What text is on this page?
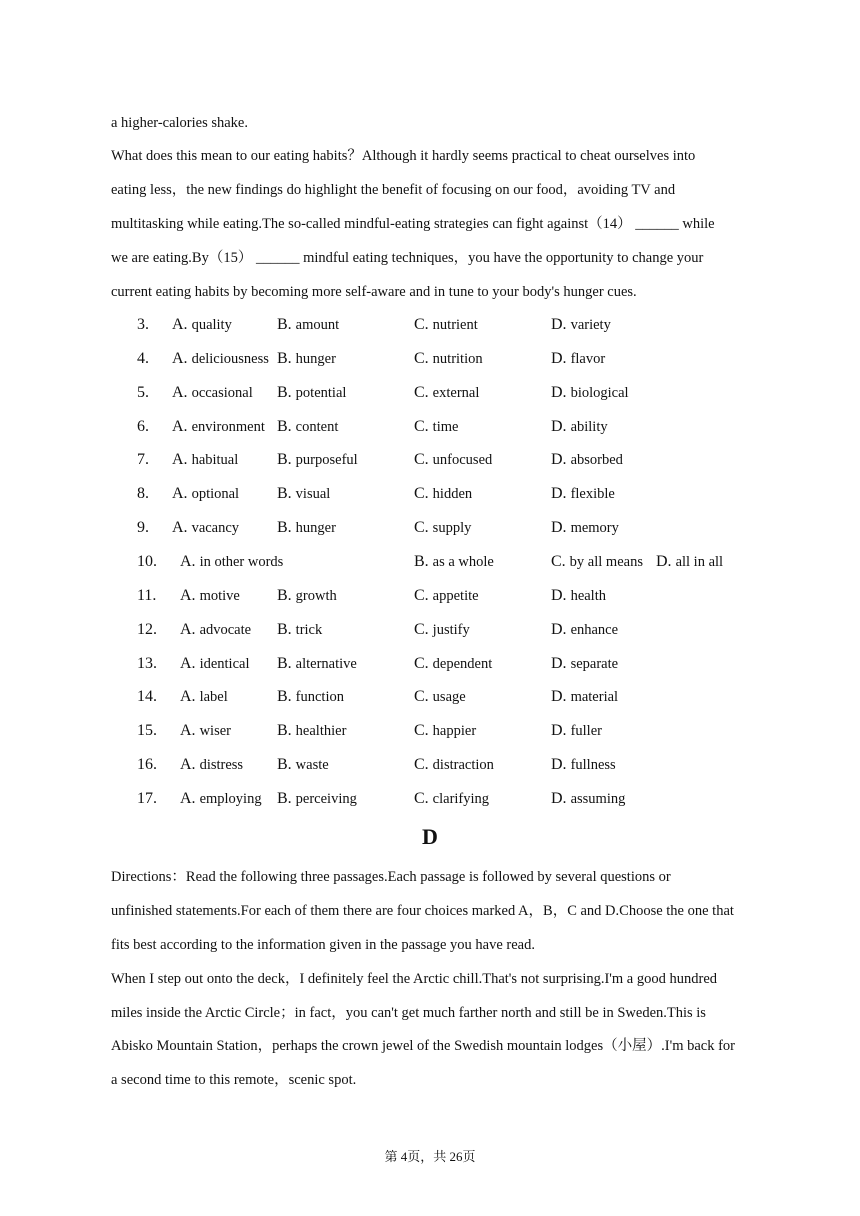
a higher-calories shake.
What does this mean to our eating habits？Although it hardly seems practical to cheat ourselves into
eating less，the new findings do highlight the benefit of focusing on our food，avoiding TV and
multitasking while eating.The so-called mindful-eating strategies can fight against（14） ______ while
we are eating.By（15） ______ mindful eating techniques，you have the opportunity to change your
current eating habits by becoming more self-aware and in tune to your body's hunger cues.
3. A. quality	B. amount	C. nutrient	D. variety
4. A. deliciousness B. hunger	C. nutrition	D. flavor
5. A. occasional B. potential	C. external	D. biological
6. A. environment B. content	C. time	D. ability
7. A. habitual B. purposeful	C. unfocused	D. absorbed
8. A. optional B. visual	C. hidden	D. flexible
9. A. vacancy B. hunger	C. supply	D. memory
10. A. in other words	B. as a whole	C. by all means D. all in all
11. A. motive B. growth	C. appetite	D. health
12. A. advocate B. trick	C. justify	D. enhance
13. A. identical B. alternative	C. dependent	D. separate
14. A. label	B. function	C. usage	D. material
15. A. wiser	B. healthier	C. happier	D. fuller
16. A. distress B. waste	C. distraction	D. fullness
17. A. employing B. perceiving	C. clarifying	D. assuming
D
Directions：Read the following three passages.Each passage is followed by several questions or
unfinished statements.For each of them there are four choices marked A，B，C and D.Choose the one that
fits best according to the information given in the passage you have read.
When I step out onto the deck，I definitely feel the Arctic chill.That's not surprising.I'm a good hundred
miles inside the Arctic Circle；in fact，you can't get much farther north and still be in Sweden.This is
Abisko Mountain Station，perhaps the crown jewel of the Swedish mountain lodges（小屋）.I'm back for
a second time to this remote，scenic spot.
第 4页，共 26页
